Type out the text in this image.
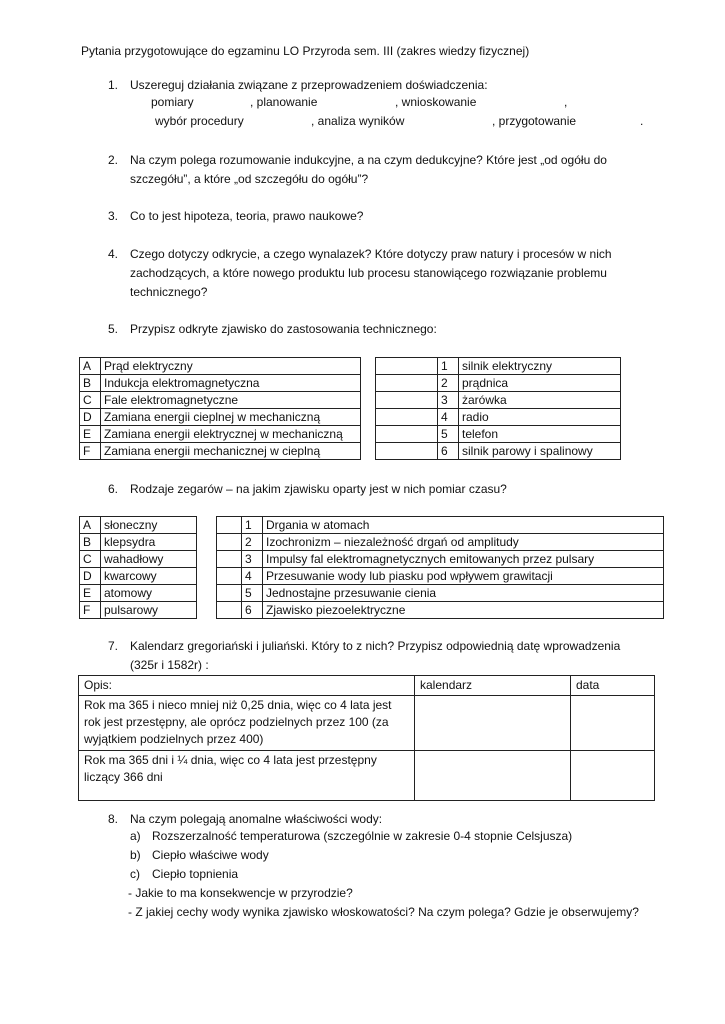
Pytania przygotowujące do egzaminu LO Przyroda sem. III (zakres wiedzy fizycznej)
1. Uszereguj działania związane z przeprowadzeniem doświadczenia:
pomiary	, planowanie	, wnioskowanie	,
wybór procedury	, analiza wyników	, przygotowanie	.
2. Na czym polega rozumowanie indukcyjne, a na czym dedukcyjne? Które jest „od ogółu do
szczegółu”, a które „od szczegółu do ogółu”?
3. Co to jest hipoteza, teoria, prawo naukowe?
4. Czego dotyczy odkrycie, a czego wynalazek? Które dotyczy praw natury i procesów w nich
zachodzących, a które nowego produktu lub procesu stanowiącego rozwiązanie problemu
technicznego?
5. Przypisz odkryte zjawisko do zastosowania technicznego:
A	Prąd elektryczny
B	Indukcja elektromagnetyczna
C	Fale elektromagnetyczne
D	Zamiana energii cieplnej w mechaniczną
E	Zamiana energii elektrycznej w mechaniczną
F	Zamiana energii mechanicznej w cieplną
	1	silnik elektryczny
	2	prądnica
	3	żarówka
	4	radio
	5	telefon
	6	silnik parowy i spalinowy
6. Rodzaje zegarów – na jakim zjawisku oparty jest w nich pomiar czasu?
A	słoneczny
B	klepsydra
C	wahadłowy
D	kwarcowy
E	atomowy
F	pulsarowy
	1	Drgania w atomach
	2	Izochronizm – niezależność drgań od amplitudy
	3	Impulsy fal elektromagnetycznych emitowanych przez pulsary
	4	Przesuwanie wody lub piasku pod wpływem grawitacji
	5	Jednostajne przesuwanie cienia
	6	Zjawisko piezoelektryczne
7. Kalendarz gregoriański i juliański. Który to z nich? Przypisz odpowiednią datę wprowadzenia
(325r i 1582r) :
Opis:	kalendarz	data
Rok ma 365 i nieco mniej niż 0,25 dnia, więc co 4 lata jest rok jest przestępny, ale oprócz podzielnych przez 100 (za wyjątkiem podzielnych przez 400)		
Rok ma 365 dni i ¼ dnia, więc co 4 lata jest przestępny liczący 366 dni		
8. Na czym polegają anomalne właściwości wody:
a) Rozszerzalność temperaturowa (szczególnie w zakresie 0-4 stopnie Celsjusza)
b) Ciepło właściwe wody
c) Ciepło topnienia
- Jakie to ma konsekwencje w przyrodzie?
- Z jakiej cechy wody wynika zjawisko włoskowatości? Na czym polega? Gdzie je obserwujemy?
